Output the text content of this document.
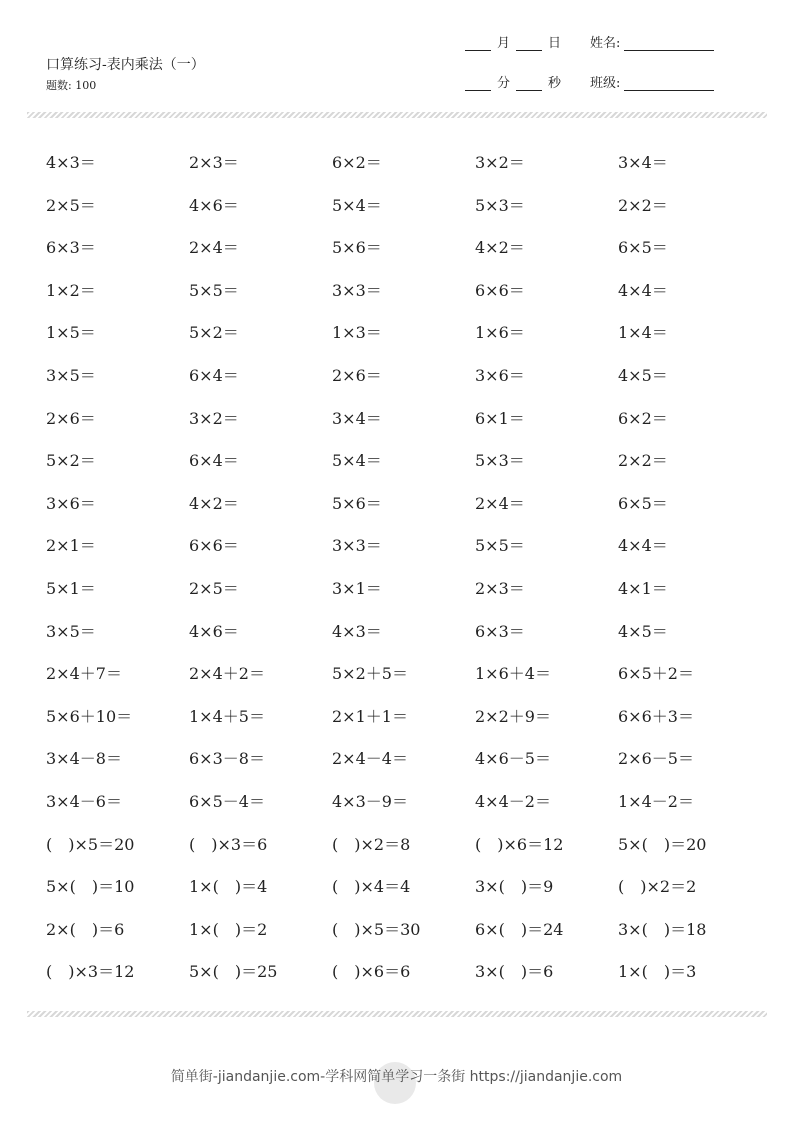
口算练习-表内乘法（一）
题数: 100
月	日 姓名:
分	秒 班级:
4×3＝	2×3＝	6×2＝	3×2＝	3×4＝
2×5＝	4×6＝	5×4＝	5×3＝	2×2＝
6×3＝	2×4＝	5×6＝	4×2＝	6×5＝
1×2＝	5×5＝	3×3＝	6×6＝	4×4＝
1×5＝	5×2＝	1×3＝	1×6＝	1×4＝
3×5＝	6×4＝	2×6＝	3×6＝	4×5＝
2×6＝	3×2＝	3×4＝	6×1＝	6×2＝
5×2＝	6×4＝	5×4＝	5×3＝	2×2＝
3×6＝	4×2＝	5×6＝	2×4＝	6×5＝
2×1＝	6×6＝	3×3＝	5×5＝	4×4＝
5×1＝	2×5＝	3×1＝	2×3＝	4×1＝
3×5＝	4×6＝	4×3＝	6×3＝	4×5＝
2×4＋7＝	2×4＋2＝	5×2＋5＝	1×6＋4＝	6×5＋2＝
5×6＋10＝	1×4＋5＝	2×1＋1＝	2×2＋9＝	6×6＋3＝
3×4－8＝	6×3－8＝	2×4－4＝	4×6－5＝	2×6－5＝
3×4－6＝	6×5－4＝	4×3－9＝	4×4－2＝	1×4－2＝
(　)×5＝20	(　)×3＝6	(　)×2＝8	(　)×6＝12	5×(　)＝20
5×(　)＝10	1×(　)＝4	(　)×4＝4	3×(　)＝9	(　)×2＝2
2×(　)＝6	1×(　)＝2	(　)×5＝30	6×(　)＝24	3×(　)＝18
(　)×3＝12	5×(　)＝25	(　)×6＝6	3×(　)＝6	1×(　)＝3
简单街-jiandanjie.com-学科网简单学习一条街 https://jiandanjie.com
